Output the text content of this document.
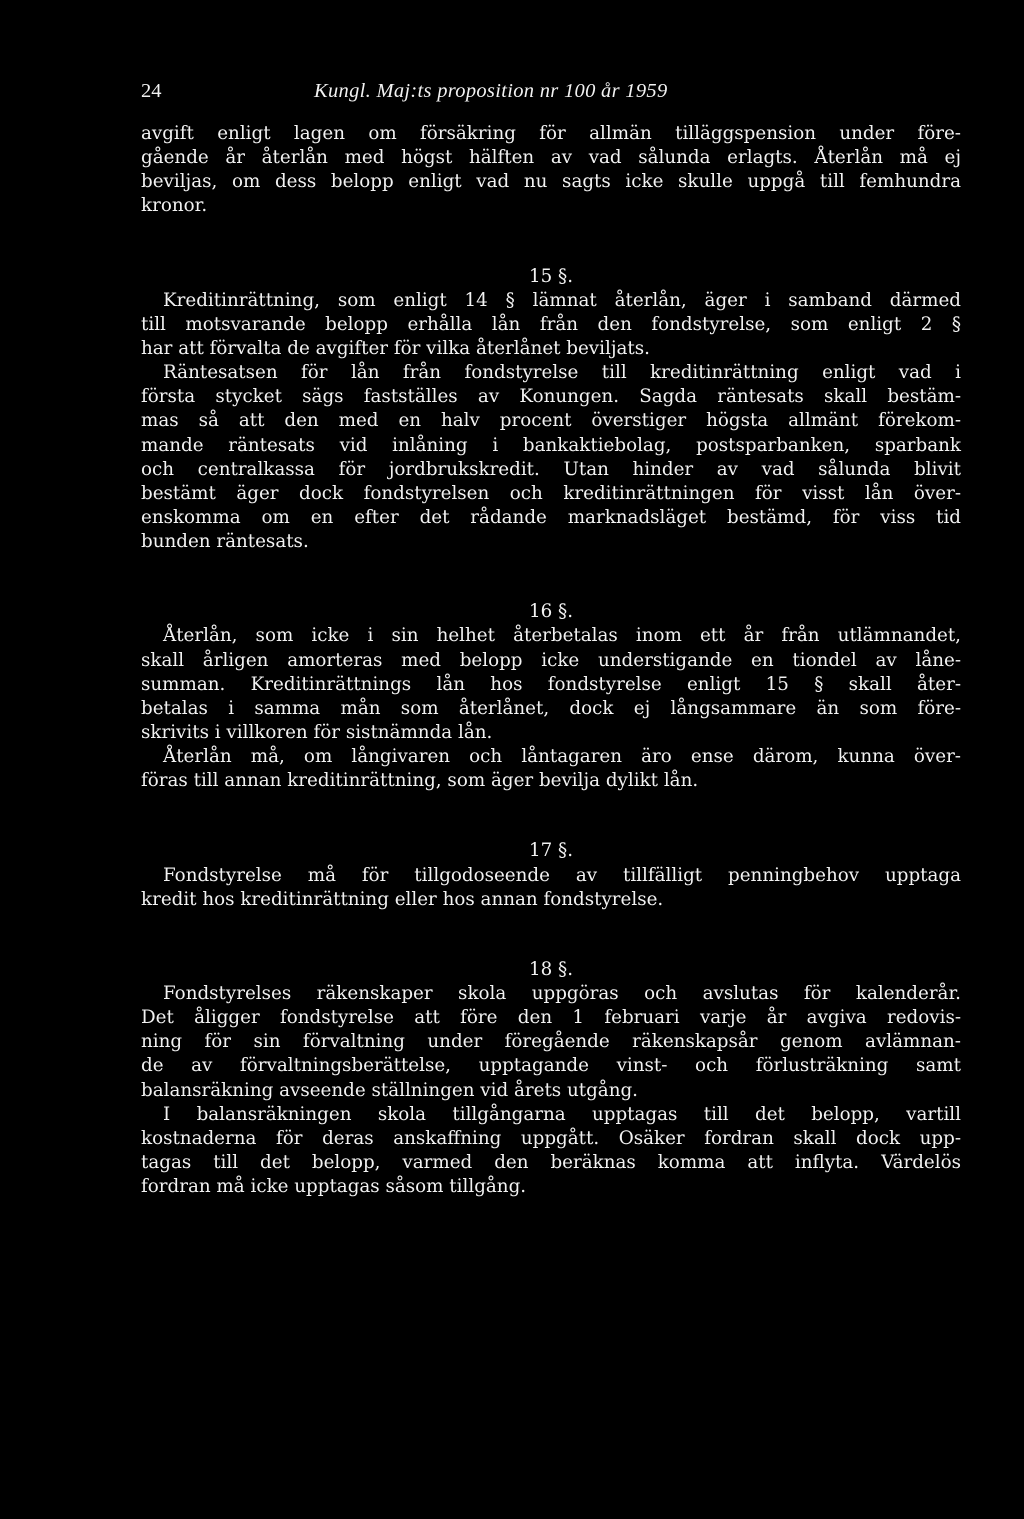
24	Kungl. Maj:ts proposition nr 100 år 1959
avgift enligt lagen om försäkring för allmän tilläggspension under före-
gående år återlån med högst hälften av vad sålunda erlagts. Återlån må ej
beviljas, om dess belopp enligt vad nu sagts icke skulle uppgå till femhundra
kronor.
15 §.
Kreditinrättning, som enligt 14 § lämnat återlån, äger i samband därmed
till motsvarande belopp erhålla lån från den fondstyrelse, som enligt 2 §
har att förvalta de avgifter för vilka återlånet beviljats.
Räntesatsen för lån från fondstyrelse till kreditinrättning enligt vad i
första stycket sägs fastställes av Konungen. Sagda räntesats skall bestäm-
mas så att den med en halv procent överstiger högsta allmänt förekom-
mande räntesats vid inlåning i bankaktiebolag, postsparbanken, sparbank
och centralkassa för jordbrukskredit. Utan hinder av vad sålunda blivit
bestämt äger dock fondstyrelsen och kreditinrättningen för visst lån över-
enskomma om en efter det rådande marknadsläget bestämd, för viss tid
bunden räntesats.
16 §.
Återlån, som icke i sin helhet återbetalas inom ett år från utlämnandet,
skall årligen amorteras med belopp icke understigande en tiondel av låne-
summan. Kreditinrättnings lån hos fondstyrelse enligt 15 § skall åter-
betalas i samma mån som återlånet, dock ej långsammare än som före-
skrivits i villkoren för sistnämnda lån.
Återlån må, om långivaren och låntagaren äro ense därom, kunna över-
föras till annan kreditinrättning, som äger bevilja dylikt lån.
17 §.
Fondstyrelse må för tillgodoseende av tillfälligt penningbehov upptaga
kredit hos kreditinrättning eller hos annan fondstyrelse.
18 §.
Fondstyrelses räkenskaper skola uppgöras och avslutas för kalenderår.
Det åligger fondstyrelse att före den 1 februari varje år avgiva redovis-
ning för sin förvaltning under föregående räkenskapsår genom avlämnan-
de av förvaltningsberättelse, upptagande vinst- och förlusträkning samt
balansräkning avseende ställningen vid årets utgång.
I balansräkningen skola tillgångarna upptagas till det belopp, vartill
kostnaderna för deras anskaffning uppgått. Osäker fordran skall dock upp-
tagas till det belopp, varmed den beräknas komma att inflyta. Värdelös
fordran må icke upptagas såsom tillgång.
